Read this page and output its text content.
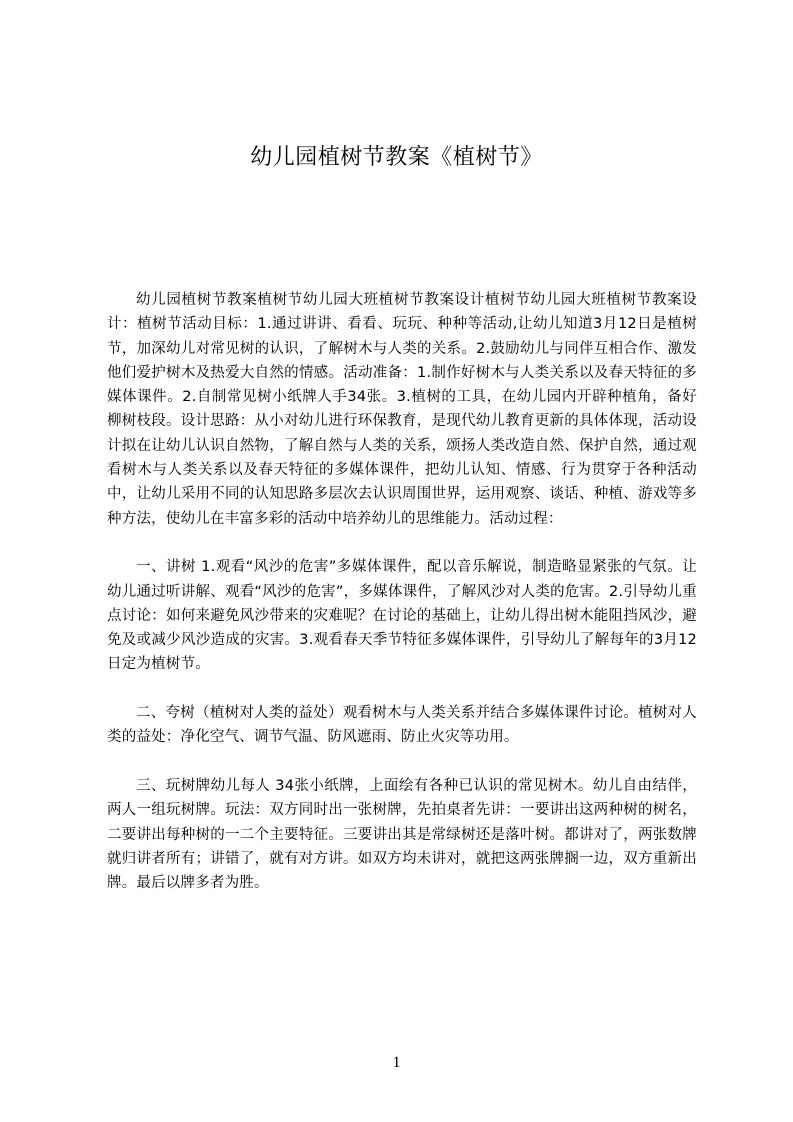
幼儿园植树节教案《植树节》

幼儿园植树节教案植树节幼儿园大班植树节教案设计植树节幼儿园大班植树节教案设计：植树节活动目标：1.通过讲讲、看看、玩玩、种种等活动,让幼儿知道3月12日是植树节，加深幼儿对常见树的认识，了解树木与人类的关系。2.鼓励幼儿与同伴互相合作、激发他们爱护树木及热爱大自然的情感。活动准备：1.制作好树木与人类关系以及春天特征的多媒体课件。2.自制常见树小纸牌人手34张。3.植树的工具，在幼儿园内开辟种植角，备好柳树枝段。设计思路：从小对幼儿进行环保教育，是现代幼儿教育更新的具体体现，活动设计拟在让幼儿认识自然物，了解自然与人类的关系，颂扬人类改造自然、保护自然，通过观看树木与人类关系以及春天特征的多媒体课件，把幼儿认知、情感、行为贯穿于各种活动中，让幼儿采用不同的认知思路多层次去认识周围世界，运用观察、谈话、种植、游戏等多种方法，使幼儿在丰富多彩的活动中培养幼儿的思维能力。活动过程：

一、讲树 1.观看“风沙的危害”多媒体课件，配以音乐解说，制造略显紧张的气氛。让幼儿通过听讲解、观看“风沙的危害”，多媒体课件，了解风沙对人类的危害。2.引导幼儿重点讨论：如何来避免风沙带来的灾难呢？在讨论的基础上，让幼儿得出树木能阻挡风沙，避免及或减少风沙造成的灾害。3.观看春天季节特征多媒体课件，引导幼儿了解每年的3月12日定为植树节。

二、夸树（植树对人类的益处）观看树木与人类关系并结合多媒体课件讨论。植树对人类的益处：净化空气、调节气温、防风遮雨、防止火灾等功用。

三、玩树牌幼儿每人 34张小纸牌，上面绘有各种已认识的常见树木。幼儿自由结伴，两人一组玩树牌。玩法：双方同时出一张树牌，先拍桌者先讲：一要讲出这两种树的树名，二要讲出每种树的一二个主要特征。三要讲出其是常绿树还是落叶树。都讲对了，两张数牌就归讲者所有；讲错了，就有对方讲。如双方均未讲对，就把这两张牌搁一边，双方重新出牌。最后以牌多者为胜。

1
